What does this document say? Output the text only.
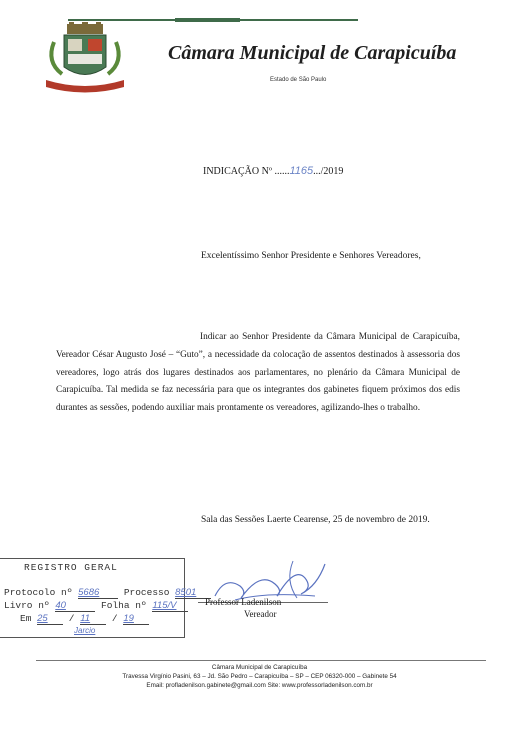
Câmara Municipal de Carapicuíba
Estado de São Paulo
INDICAÇÃO Nº ......1165.../2019
Excelentíssimo Senhor Presidente e Senhores Vereadores,
Indicar ao Senhor Presidente da Câmara Municipal de Carapicuíba, Vereador César Augusto José – “Guto”, a necessidade da colocação de assentos destinados à assessoria dos vereadores, logo atrás dos lugares destinados aos parlamentares, no plenário da Câmara Municipal de Carapicuíba. Tal medida se faz necessária para que os integrantes dos gabinetes fiquem próximos dos edis durantes as sessões, podendo auxiliar mais prontamente os vereadores, agilizando-lhes o trabalho.
Sala das Sessões Laerte Cearense, 25 de novembro de 2019.
REGISTRO GERAL
Protocolo nº 5686	Processo 8501
Livro nº 40	Folha nº 115/V
Em 25 / 11 / 19
Jarcio
Professor Ladenilson
Vereador
Câmara Municipal de Carapicuíba
Travessa Virgínio Pasini, 63 – Jd. São Pedro – Carapicuíba – SP – CEP 06320-000 – Gabinete 54
Email: profladenilson.gabinete@gmail.com Site: www.professorladenilson.com.br
